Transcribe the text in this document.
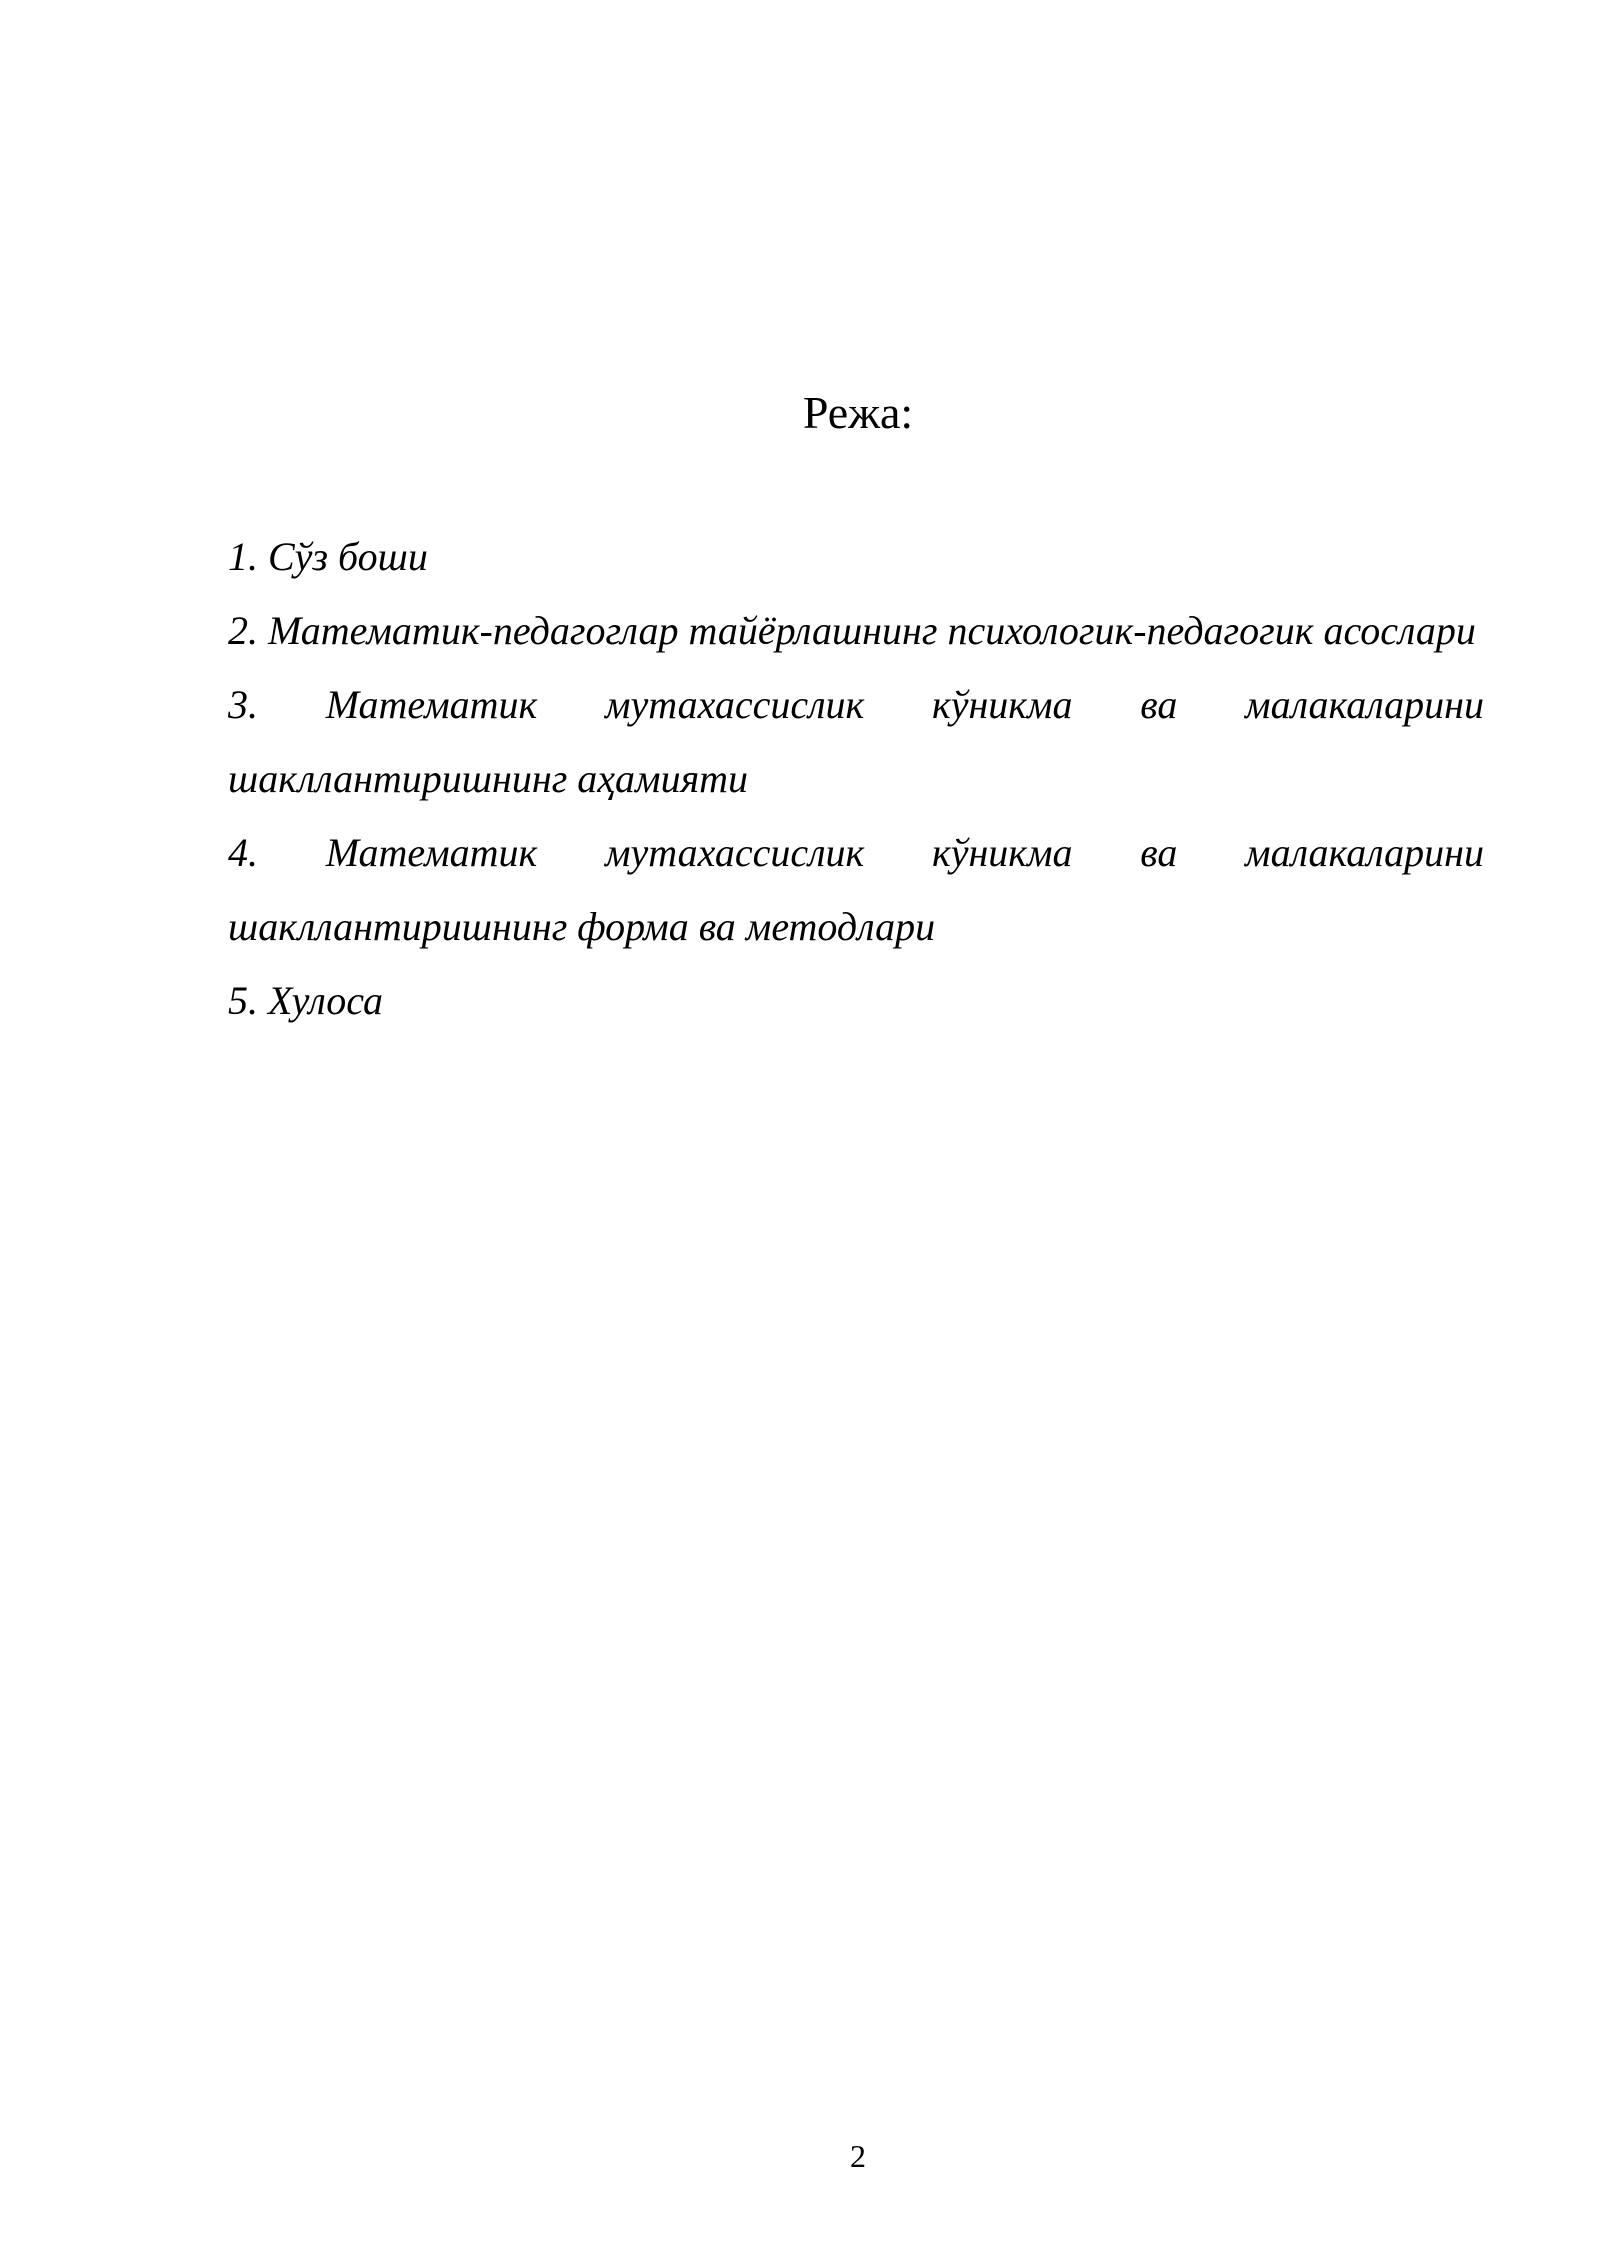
Режа:
1. Сўз боши
2. Математик-педагоглар тайёрлашнинг психологик-педагогик асослари
3. Математик мутахассислик кўникма ва малакаларини шакллантиришнинг аҳамияти
4. Математик мутахассислик кўникма ва малакаларини шакллантиришнинг форма ва методлари
5. Хулоса
2
